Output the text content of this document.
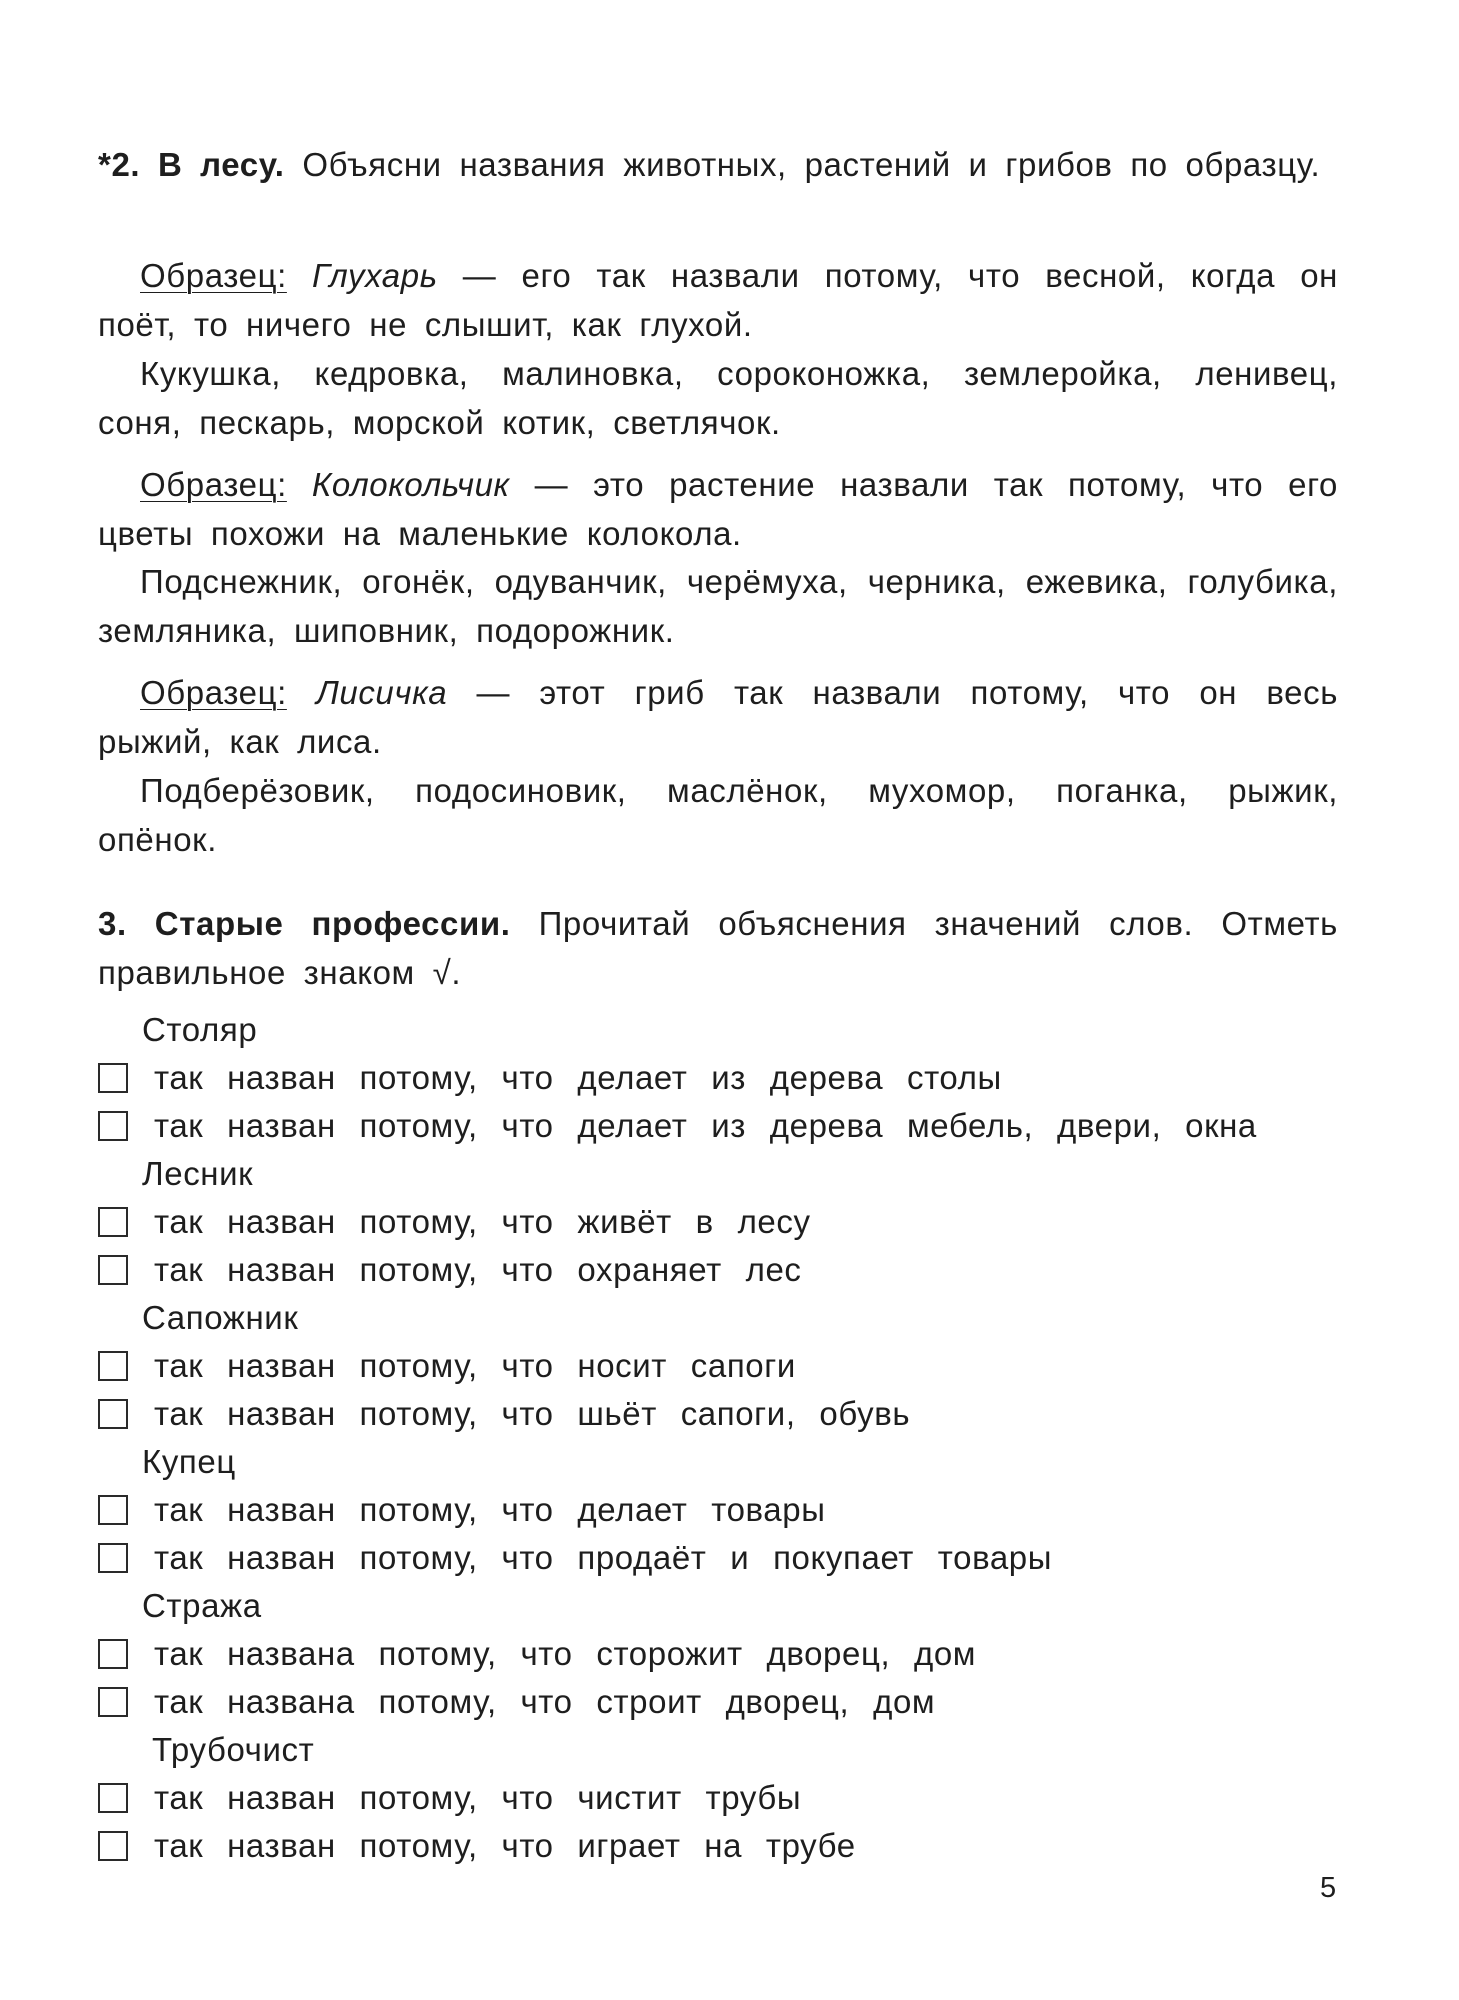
*2. В лесу. Объясни названия животных, растений и грибов по образцу.
Образец: Глухарь — его так назвали потому, что весной, когда он поёт, то ничего не слышит, как глухой.
Кукушка, кедровка, малиновка, сороконожка, землеройка, ленивец, соня, пескарь, морской котик, светлячок.
Образец: Колокольчик — это растение назвали так потому, что его цветы похожи на маленькие колокола.
Подснежник, огонёк, одуванчик, черёмуха, черника, ежевика, голубика, земляника, шиповник, подорожник.
Образец: Лисичка — этот гриб так назвали потому, что он весь рыжий, как лиса.
Подберёзовик, подосиновик, маслёнок, мухомор, поганка, рыжик, опёнок.
3. Старые профессии. Прочитай объяснения значений слов. Отметь правильное знаком √.
Столяр
так назван потому, что делает из дерева столы
так назван потому, что делает из дерева мебель, двери, окна
Лесник
так назван потому, что живёт в лесу
так назван потому, что охраняет лес
Сапожник
так назван потому, что носит сапоги
так назван потому, что шьёт сапоги, обувь
Купец
так назван потому, что делает товары
так назван потому, что продаёт и покупает товары
Стража
так названа потому, что сторожит дворец, дом
так названа потому, что строит дворец, дом
Трубочист
так назван потому, что чистит трубы
так назван потому, что играет на трубе
5
